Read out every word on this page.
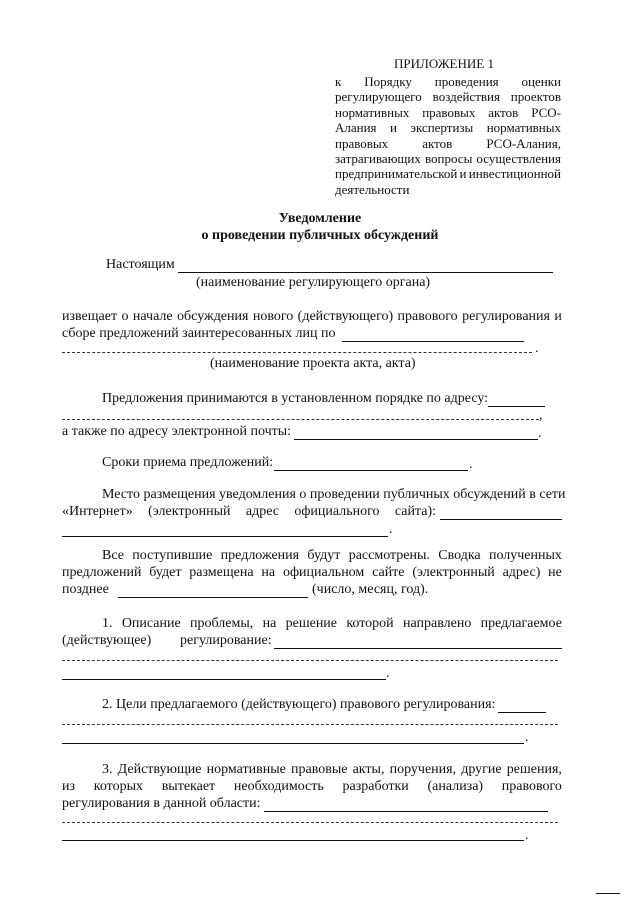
ПРИЛОЖЕНИЕ 1
к Порядку проведения оценки
регулирующего воздействия проектов
нормативных правовых актов РСО-
Алания и экспертизы нормативных
правовых	актов	РСО-Алания,
затрагивающих вопросы осуществления
предпринимательской и инвестиционной
деятельности
Уведомление
о проведении публичных обсуждений
Настоящим
(наименование регулирующего органа)
извещает о начале обсуждения нового (действующего) правового регулирования и
сборе предложений заинтересованных лиц по
.
(наименование проекта акта, акта)
Предложения принимаются в установленном порядке по адресу:
,
а также по адресу электронной почты:	.
Сроки приема предложений:	.
Место размещения уведомления о проведении публичных обсуждений в сети
«Интернет» (электронный адрес официального сайта):
.
Все поступившие предложения будут рассмотрены. Сводка полученных
предложений будет размещена на официальном сайте (электронный адрес) не
позднее	(число, месяц, год).
1. Описание проблемы, на решение которой направлено предлагаемое
(действующее) регулирование:
.
2. Цели предлагаемого (действующего) правового регулирования:
.
3. Действующие нормативные правовые акты, поручения, другие решения,
из которых вытекает необходимость разработки (анализа) правового
регулирования в данной области:
.
